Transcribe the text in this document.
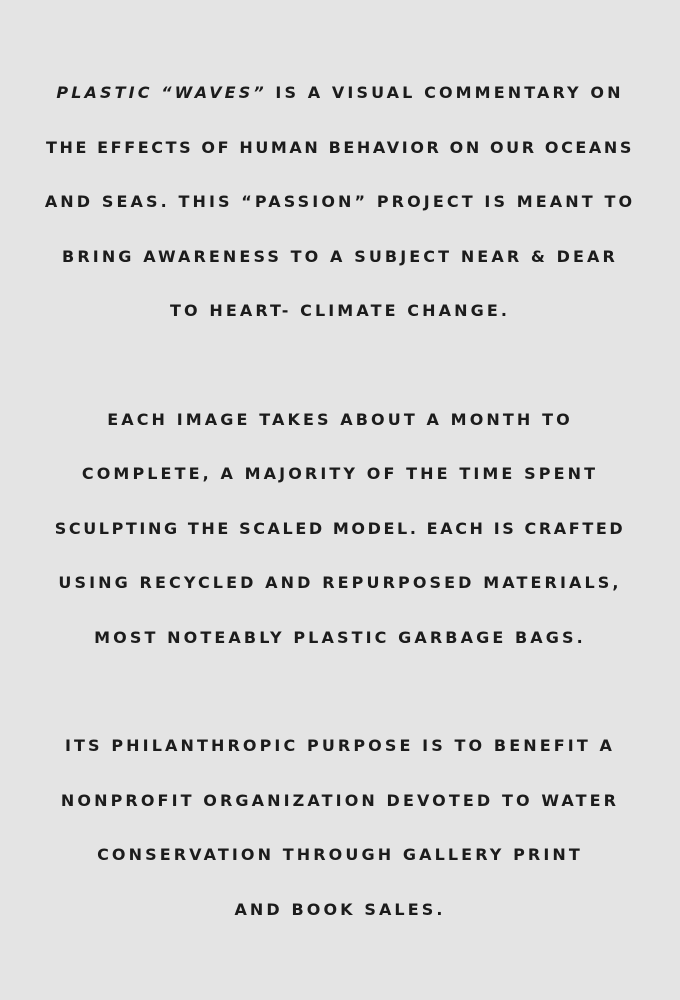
PLASTIC “WAVES” IS A VISUAL COMMENTARY ON
THE EFFECTS OF HUMAN BEHAVIOR ON OUR OCEANS
AND SEAS. THIS “PASSION” PROJECT IS MEANT TO
BRING AWARENESS TO A SUBJECT NEAR & DEAR
TO HEART- CLIMATE CHANGE.
EACH IMAGE TAKES ABOUT A MONTH TO
COMPLETE, A MAJORITY OF THE TIME SPENT
SCULPTING THE SCALED MODEL. EACH IS CRAFTED
USING RECYCLED AND REPURPOSED MATERIALS,
MOST NOTEABLY PLASTIC GARBAGE BAGS.
ITS PHILANTHROPIC PURPOSE IS TO BENEFIT A
NONPROFIT ORGANIZATION DEVOTED TO WATER
CONSERVATION THROUGH GALLERY PRINT
AND BOOK SALES.
